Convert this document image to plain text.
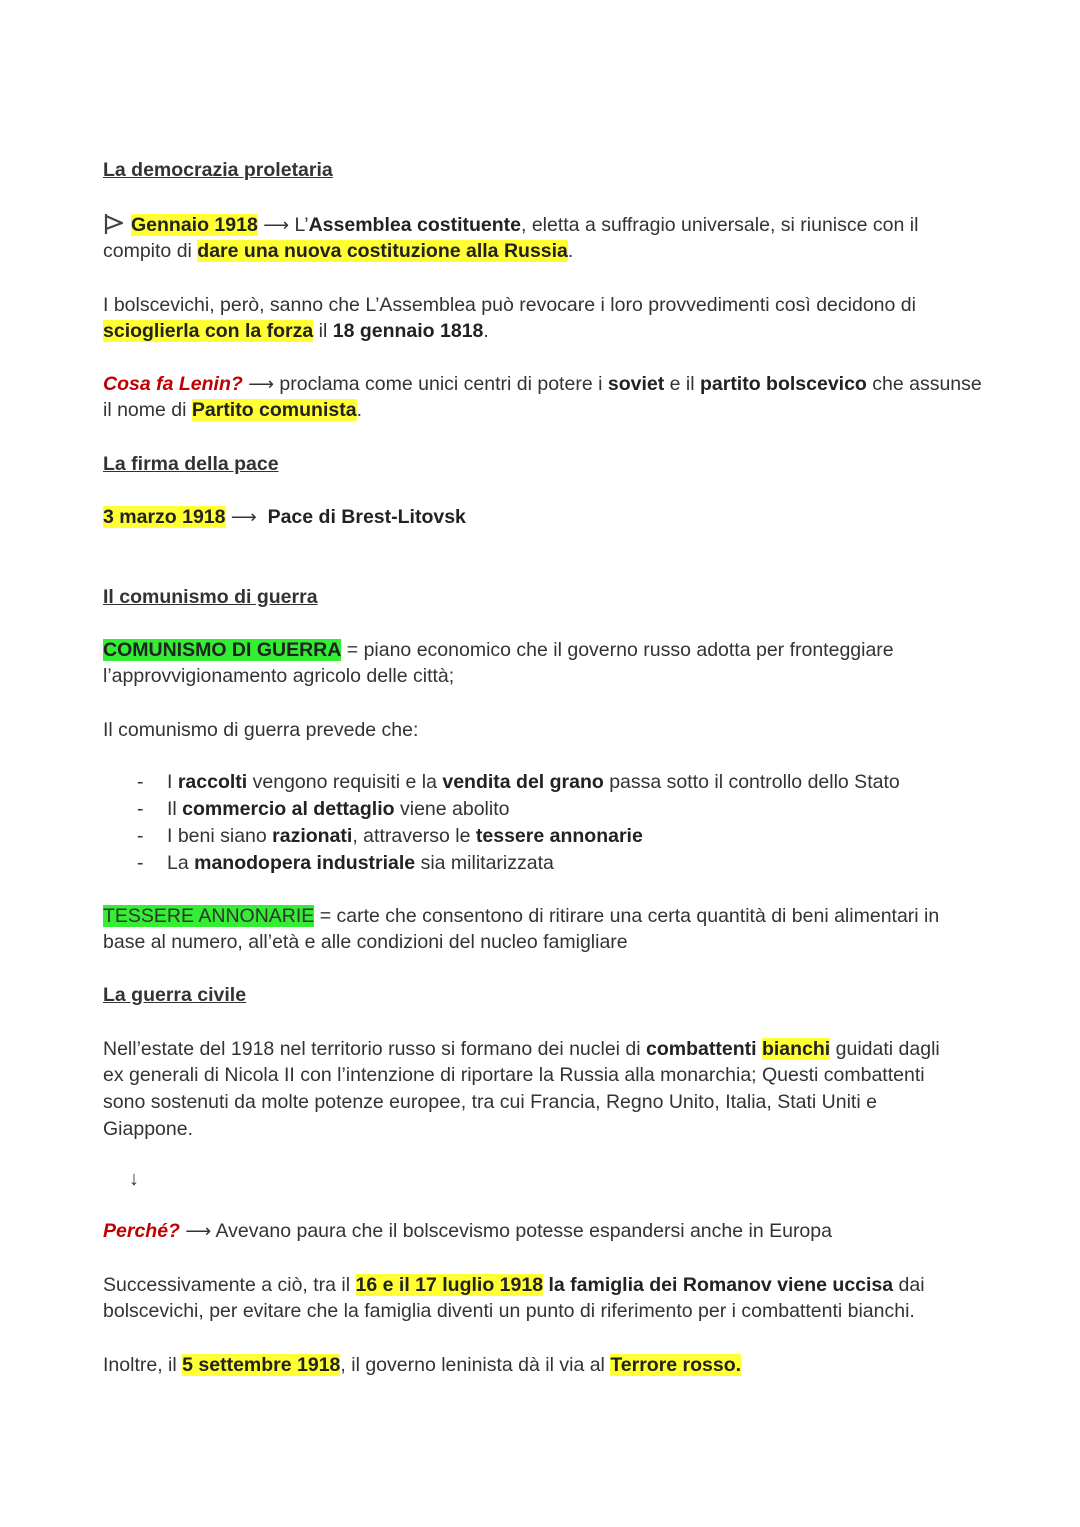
La democrazia proletaria
Gennaio 1918 ⟶ L’Assemblea costituente, eletta a suffragio universale, si riunisce con il
compito di dare una nuova costituzione alla Russia.
I bolscevichi, però, sanno che L’Assemblea può revocare i loro provvedimenti così decidono di
scioglierla con la forza il 18 gennaio 1818.
Cosa fa Lenin? ⟶ proclama come unici centri di potere i soviet e il partito bolscevico che assunse
il nome di Partito comunista.
La firma della pace
3 marzo 1918 ⟶ Pace di Brest-Litovsk
Il comunismo di guerra
COMUNISMO DI GUERRA = piano economico che il governo russo adotta per fronteggiare
l’approvvigionamento agricolo delle città;
Il comunismo di guerra prevede che:
- I raccolti vengono requisiti e la vendita del grano passa sotto il controllo dello Stato
- Il commercio al dettaglio viene abolito
- I beni siano razionati, attraverso le tessere annonarie
- La manodopera industriale sia militarizzata
TESSERE ANNONARIE = carte che consentono di ritirare una certa quantità di beni alimentari in
base al numero, all’età e alle condizioni del nucleo famigliare
La guerra civile
Nell’estate del 1918 nel territorio russo si formano dei nuclei di combattenti bianchi guidati dagli
ex generali di Nicola II con l’intenzione di riportare la Russia alla monarchia; Questi combattenti
sono sostenuti da molte potenze europee, tra cui Francia, Regno Unito, Italia, Stati Uniti e
Giappone.
↓
Perché? ⟶ Avevano paura che il bolscevismo potesse espandersi anche in Europa
Successivamente a ciò, tra il 16 e il 17 luglio 1918 la famiglia dei Romanov viene uccisa dai
bolscevichi, per evitare che la famiglia diventi un punto di riferimento per i combattenti bianchi.
Inoltre, il 5 settembre 1918, il governo leninista dà il via al Terrore rosso.
